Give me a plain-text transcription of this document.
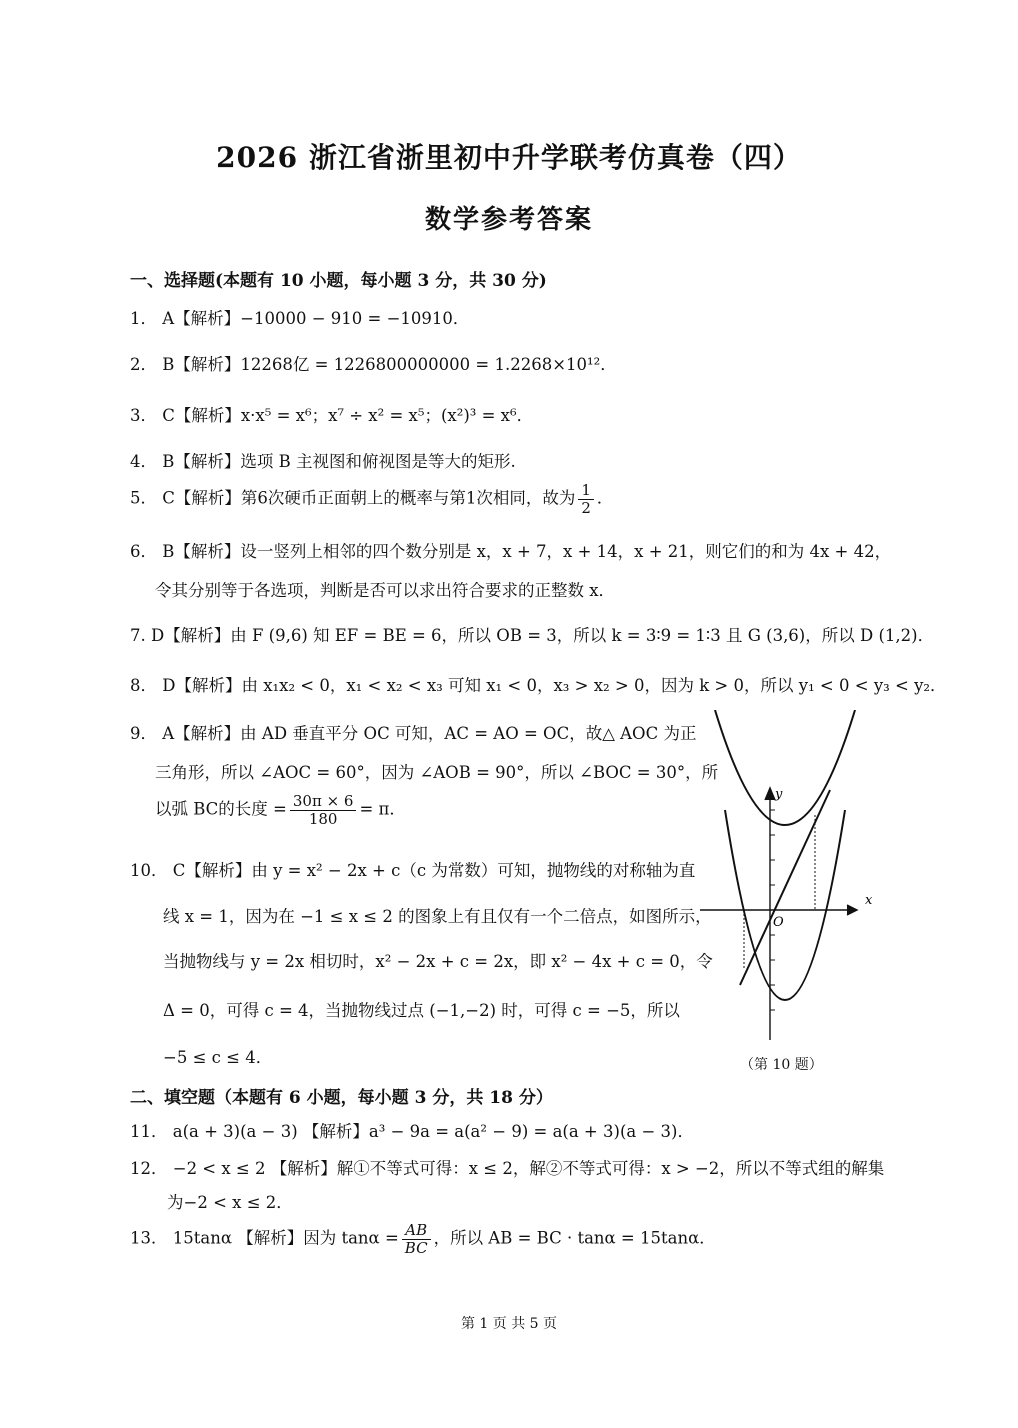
2026 浙江省浙里初中升学联考仿真卷（四）
数学参考答案
一、选择题(本题有 10 小题，每小题 3 分，共 30 分)
1． A【解析】−10000 − 910 = −10910．
2． B【解析】12268亿 = 1226800000000 = 1.2268×10¹²．
3． C【解析】x·x⁵ = x⁶；x⁷ ÷ x² = x⁵；(x²)³ = x⁶．
4． B【解析】选项 B 主视图和俯视图是等大的矩形.
5． C【解析】第6次硬币正面朝上的概率与第1次相同，故为 $\frac{1}{2}$ ．
6． B【解析】设一竖列上相邻的四个数分别是 x，x + 7，x + 14，x + 21，则它们的和为 4x + 42，
令其分别等于各选项，判断是否可以求出符合要求的正整数 x．
7. D【解析】由 F (9,6) 知 EF = BE = 6，所以 OB = 3，所以 k = 3∶9 = 1∶3 且 G (3,6)，所以 D (1,2)．
8． D【解析】由 x₁x₂ < 0，x₁ < x₂ < x₃ 可知 x₁ < 0，x₃ > x₂ > 0，因为 k > 0，所以 y₁ < 0 < y₃ < y₂．
9． A【解析】由 AD 垂直平分 OC 可知，AC = AO = OC，故△ AOC 为正
三角形，所以 ∠AOC = 60°，因为 ∠AOB = 90°，所以 ∠BOC = 30°，所
以弧 BC的长度 = $\frac{30\pi \times 6}{180} = \pi$．
10． C【解析】由 y = x² − 2x + c（c 为常数）可知，抛物线的对称轴为直
线 x = 1，因为在 −1 ≤ x ≤ 2 的图象上有且仅有一个二倍点，如图所示，
当抛物线与 y = 2x 相切时，x² − 2x + c = 2x，即 x² − 4x + c = 0，令
Δ = 0，可得 c = 4，当抛物线过点 (−1,−2) 时，可得 c = −5，所以
−5 ≤ c ≤ 4．
x
y
O
（第 10 题）
二、填空题（本题有 6 小题，每小题 3 分，共 18 分）
11． a(a + 3)(a − 3) 【解析】a³ − 9a = a(a² − 9) = a(a + 3)(a − 3)．
12． −2 < x ≤ 2 【解析】解①不等式可得：x ≤ 2，解②不等式可得：x > −2，所以不等式组的解集
为−2 < x ≤ 2．
13． 15tanα 【解析】因为 $\tan\alpha = \frac{AB}{BC}$ ，所以 AB = BC · tanα = 15tanα．
第 1 页 共 5 页
